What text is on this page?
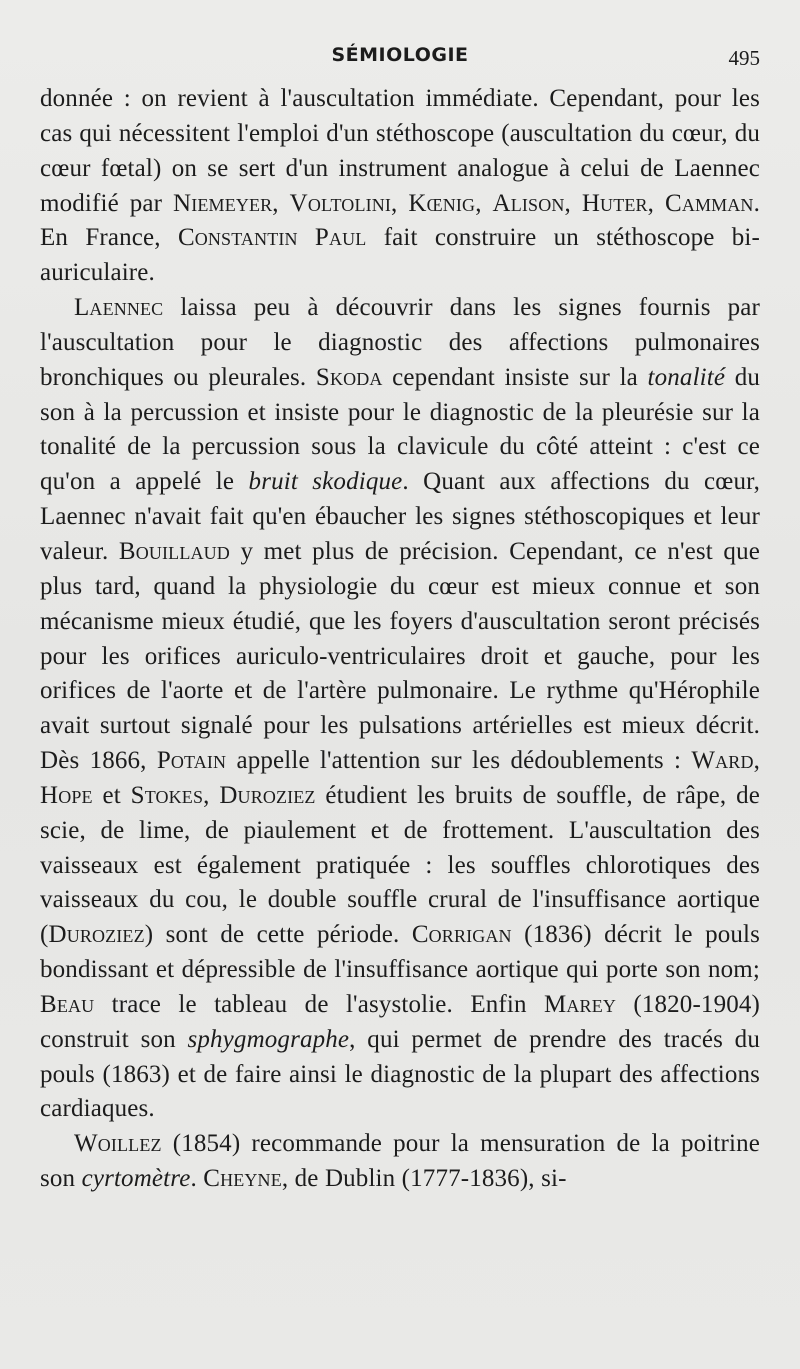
SÉMIOLOGIE	495

donnée : on revient à l'auscultation immédiate. Cependant, pour les cas qui nécessitent l'emploi d'un stéthoscope (auscultation du cœur, du cœur fœtal) on se sert d'un instrument analogue à celui de Laennec modifié par Niemeyer, Voltolini, Kœnig, Alison, Huter, Camman. En France, Constantin Paul fait construire un stéthoscope bi-auriculaire.

Laennec laissa peu à découvrir dans les signes fournis par l'auscultation pour le diagnostic des affections pulmonaires bronchiques ou pleurales. Skoda cependant insiste sur la tonalité du son à la percussion et insiste pour le diagnostic de la pleurésie sur la tonalité de la percussion sous la clavicule du côté atteint : c'est ce qu'on a appelé le bruit skodique. Quant aux affections du cœur, Laennec n'avait fait qu'en ébaucher les signes stéthoscopiques et leur valeur. Bouillaud y met plus de précision. Cependant, ce n'est que plus tard, quand la physiologie du cœur est mieux connue et son mécanisme mieux étudié, que les foyers d'auscultation seront précisés pour les orifices auriculo-ventriculaires droit et gauche, pour les orifices de l'aorte et de l'artère pulmonaire. Le rythme qu'Hérophile avait surtout signalé pour les pulsations artérielles est mieux décrit. Dès 1866, Potain appelle l'attention sur les dédoublements : Ward, Hope et Stokes, Duroziez étudient les bruits de souffle, de râpe, de scie, de lime, de piaulement et de frottement. L'auscultation des vaisseaux est également pratiquée : les souffles chlorotiques des vaisseaux du cou, le double souffle crural de l'insuffisance aortique (Duroziez) sont de cette période. Corrigan (1836) décrit le pouls bondissant et dépressible de l'insuffisance aortique qui porte son nom; Beau trace le tableau de l'asystolie. Enfin Marey (1820-1904) construit son sphygmographe, qui permet de prendre des tracés du pouls (1863) et de faire ainsi le diagnostic de la plupart des affections cardiaques.

Woillez (1854) recommande pour la mensuration de la poitrine son cyrtomètre. Cheyne, de Dublin (1777-1836), si-
